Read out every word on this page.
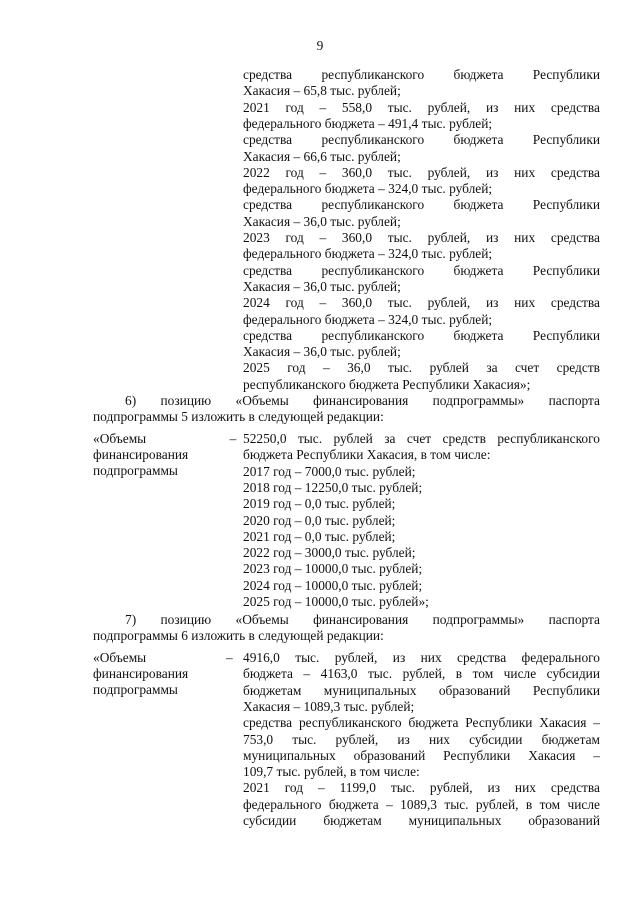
9
средства республиканского бюджета Республики
Хакасия – 65,8 тыс. рублей;
2021 год – 558,0 тыс. рублей, из них средства
федерального бюджета – 491,4 тыс. рублей;
средства республиканского бюджета Республики
Хакасия – 66,6 тыс. рублей;
2022 год – 360,0 тыс. рублей, из них средства
федерального бюджета – 324,0 тыс. рублей;
средства республиканского бюджета Республики
Хакасия – 36,0 тыс. рублей;
2023 год – 360,0 тыс. рублей, из них средства
федерального бюджета – 324,0 тыс. рублей;
средства республиканского бюджета Республики
Хакасия – 36,0 тыс. рублей;
2024 год – 360,0 тыс. рублей, из них средства
федерального бюджета – 324,0 тыс. рублей;
средства республиканского бюджета Республики
Хакасия – 36,0 тыс. рублей;
2025 год – 36,0 тыс. рублей за счет средств
республиканского бюджета Республики Хакасия»;
6) позицию «Объемы финансирования подпрограммы» паспорта
подпрограммы 5 изложить в следующей редакции:
«Объемы
финансирования
подпрограммы
– 52250,0 тыс. рублей за счет средств республиканского
бюджета Республики Хакасия, в том числе:
2017 год – 7000,0 тыс. рублей;
2018 год – 12250,0 тыс. рублей;
2019 год – 0,0 тыс. рублей;
2020 год – 0,0 тыс. рублей;
2021 год – 0,0 тыс. рублей;
2022 год – 3000,0 тыс. рублей;
2023 год – 10000,0 тыс. рублей;
2024 год – 10000,0 тыс. рублей;
2025 год – 10000,0 тыс. рублей»;
7) позицию «Объемы финансирования подпрограммы» паспорта
подпрограммы 6 изложить в следующей редакции:
«Объемы
финансирования
подпрограммы
– 4916,0 тыс. рублей, из них средства федерального
бюджета – 4163,0 тыс. рублей, в том числе субсидии
бюджетам муниципальных образований Республики
Хакасия – 1089,3 тыс. рублей;
средства республиканского бюджета Республики Хакасия –
753,0 тыс. рублей, из них субсидии бюджетам
муниципальных образований Республики Хакасия –
109,7 тыс. рублей, в том числе:
2021 год – 1199,0 тыс. рублей, из них средства
федерального бюджета – 1089,3 тыс. рублей, в том числе
субсидии бюджетам муниципальных образований
